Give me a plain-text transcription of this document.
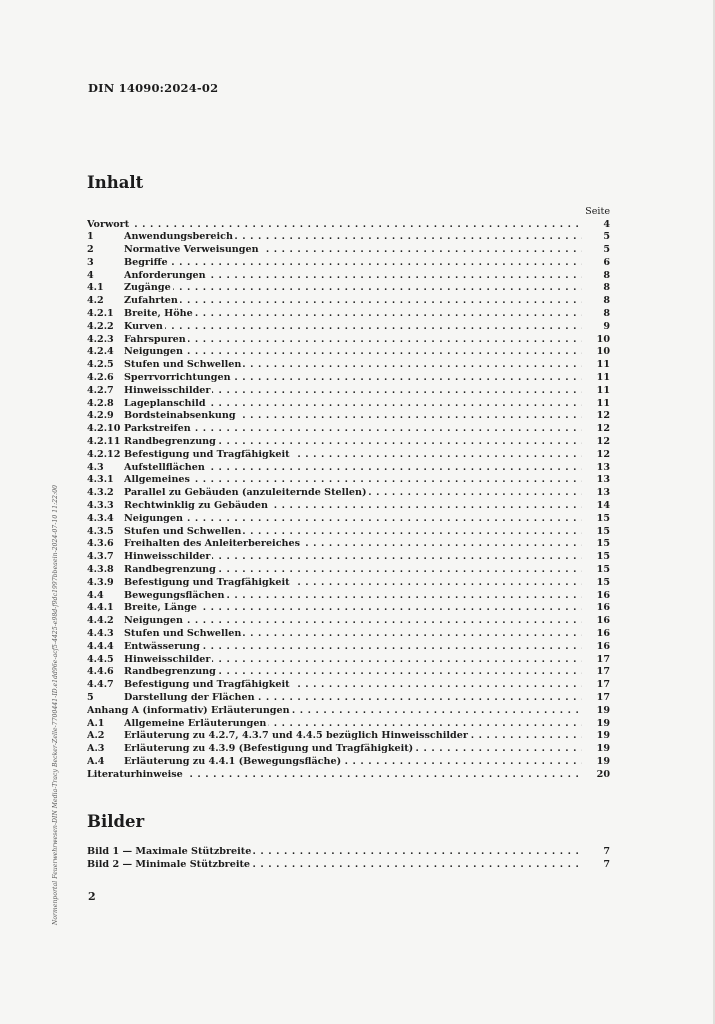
DIN 14090:2024-02
Inhalt
Seite
Vorwort . . .	4
1	Anwendungsbereich . . .	5
2	Normative Verweisungen . . .	5
3	Begriffe . . .	6
4	Anforderungen . . .	8
4.1 Zugänge . . .	8
4.2 Zufahrten . . .	8
4.2.1 Breite, Höhe . . .	8
4.2.2 Kurven . . .	9
4.2.3 Fahrspuren . . .	10
4.2.4 Neigungen . . .	10
4.2.5 Stufen und Schwellen . . .	11
4.2.6 Sperrvorrichtungen . . .	11
4.2.7 Hinweisschilder . . .	11
4.2.8 Lageplanschild . . .	11
4.2.9 Bordsteinabsenkung . . .	12
4.2.10 Parkstreifen . . .	12
4.2.11 Randbegrenzung . . .	12
4.2.12 Befestigung und Tragfähigkeit . . .	12
4.3 Aufstellflächen . . .	13
4.3.1 Allgemeines . . .	13
4.3.2 Parallel zu Gebäuden (anzuleiternde Stellen) . . .	13
4.3.3 Rechtwinklig zu Gebäuden . . .	14
4.3.4 Neigungen . . .	15
4.3.5 Stufen und Schwellen . . .	15
4.3.6 Freihalten des Anleiterbereiches . . .	15
4.3.7 Hinweisschilder . . .	15
4.3.8 Randbegrenzung . . .	15
4.3.9 Befestigung und Tragfähigkeit . . .	15
4.4 Bewegungsflächen . . .	16
4.4.1 Breite, Länge . . .	16
4.4.2 Neigungen . . .	16
4.4.3 Stufen und Schwellen . . .	16
4.4.4 Entwässerung . . .	16
4.4.5 Hinweisschilder . . .	17
4.4.6 Randbegrenzung . . .	17
4.4.7 Befestigung und Tragfähigkeit . . .	17
5	Darstellung der Flächen . . .	17
Anhang A (informativ) Erläuterungen . . .	19
A.1 Allgemeine Erläuterungen . . .	19
A.2 Erläuterung zu 4.2.7, 4.3.7 und 4.4.5 bezüglich Hinweisschilder . . .	19
A.3 Erläuterung zu 4.3.9 (Befestigung und Tragfähigkeit) . . .	19
A.4 Erläuterung zu 4.4.1 (Bewegungsfläche) . . .	19
Literaturhinweise . . .	20
Bilder
Bild 1 — Maximale Stützbreite . . .	7
Bild 2 — Minimale Stützbreite . . .	7
2
Normenportal Feuerwehrwesen-DIN Media-Tracy Becker-Zelle-7700441-ID.e1dd96e-acf5-4425-e98d-f9dc1997bbeaein-2024-07-10 11:22:00
